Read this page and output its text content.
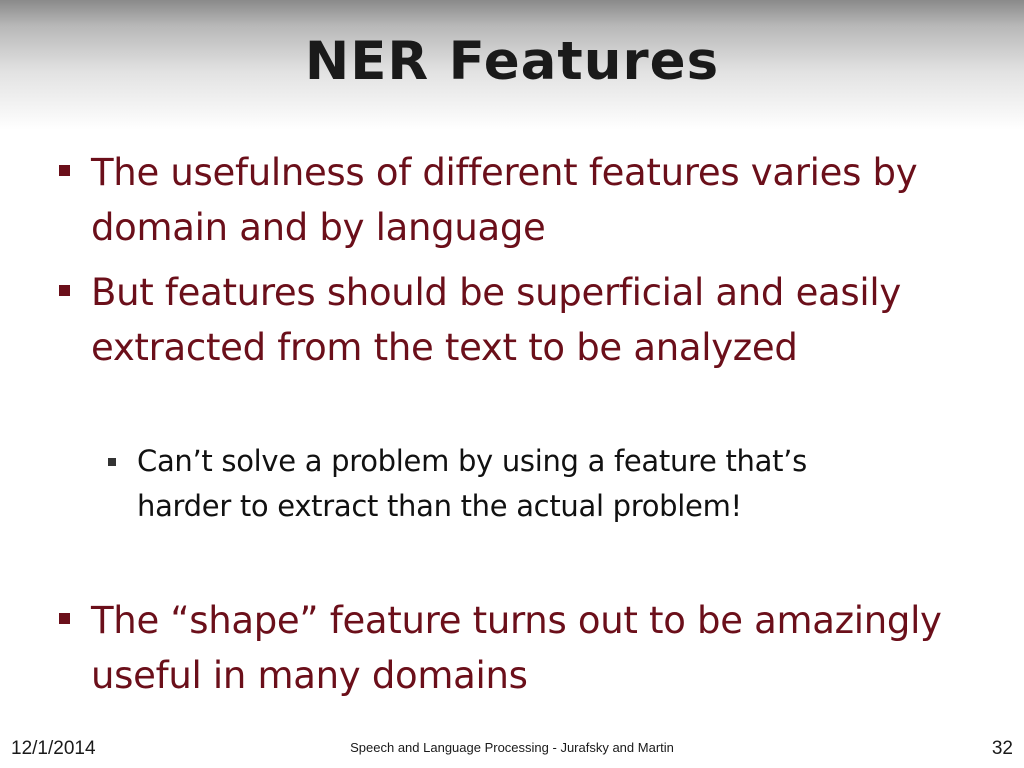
NER Features
The usefulness of different features varies by domain and by language
But features should be superficial and easily extracted from the text to be analyzed
Can’t solve a problem by using a feature that’s harder to extract than the actual problem!
The “shape” feature turns out to be amazingly useful in many domains
12/1/2014	Speech and Language Processing - Jurafsky and Martin	32
